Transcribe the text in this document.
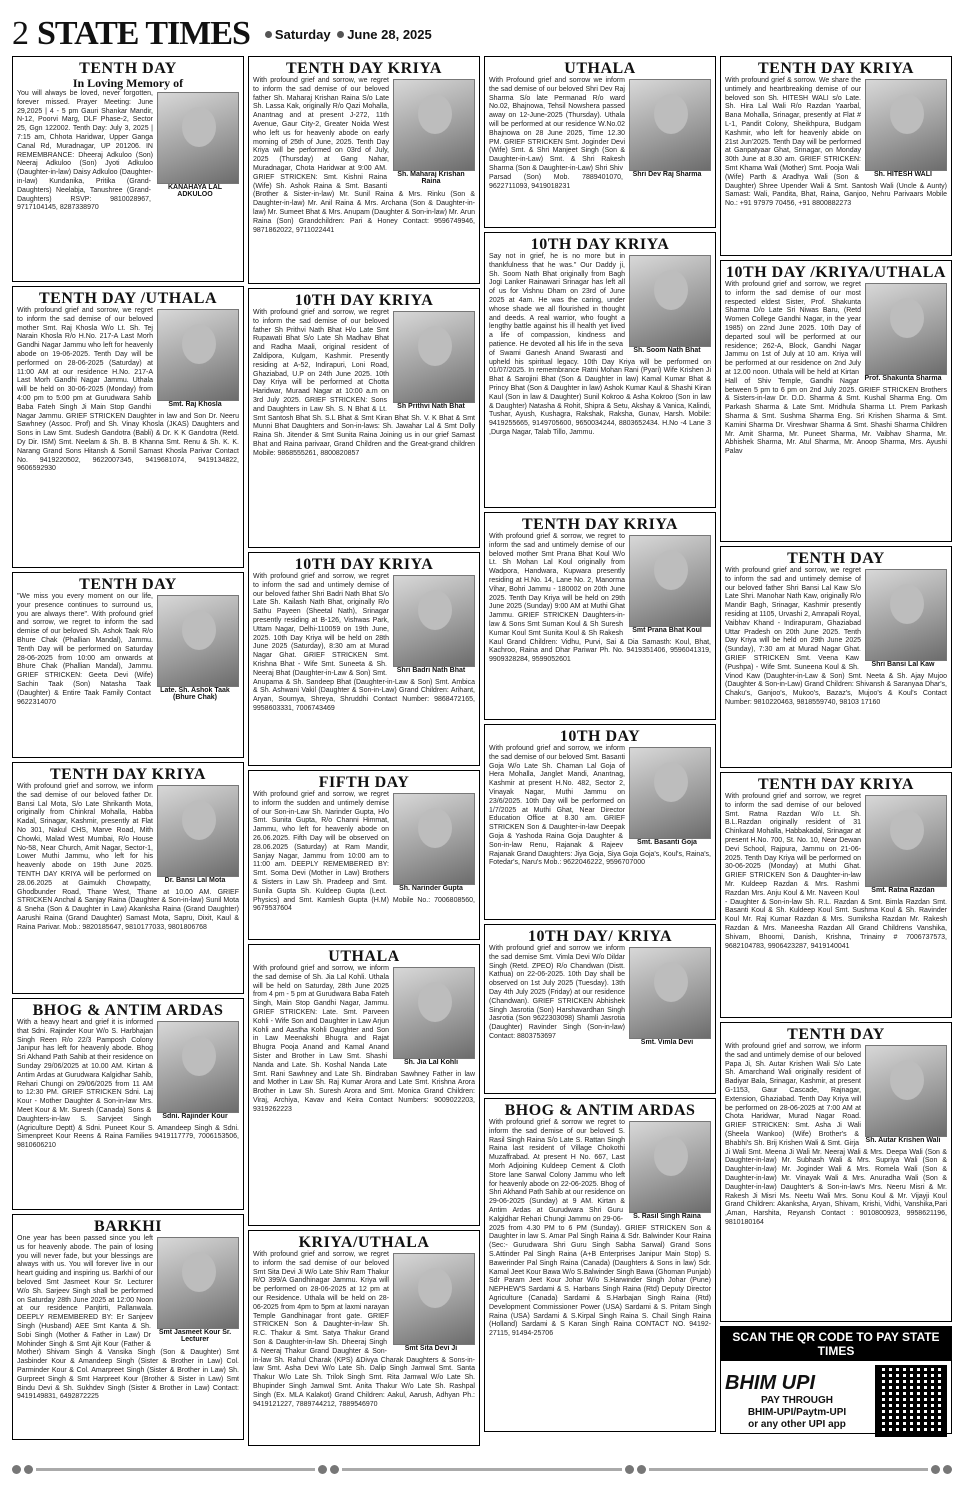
2 STATE TIMES	Saturday June 28, 2025
TENTH DAY
In Loving Memory of
KANAHAYA LAL ADKULOO
You will always be loved, never forgotten, forever missed. Prayer Meeting: June 29,2025 | 4 - 5 pm Gauri Shankar Mandir, N-12, Poorvi Marg, DLF Phase-2, Sector 25, Ggn 122002. Tenth Day: July 3, 2025 | 7:15 am, Chhota Haridwar, Upper Ganga Canal Rd, Muradnagar, UP 201206. IN REMEMBRANCE: Dheeraj Adkuloo (Son) Neeraj Adkuloo (Son) Jyoti Adkuloo (Daughter-in-law) Daisy Adkuloo (Daughter-in-law) Kundanika, Pritika (Grand-Daughters) Neelabja, Tanushree (Grand-Daughters) RSVP: 9810028967, 9717104145, 8287338970
TENTH DAY /UTHALA
Smt. Raj Khosla
With profound grief and sorrow, we regret to inform the sad demise of our beloved mother Smt. Raj Khosla W/o Lt. Sh. Tej Narain Khosla R/o H.No. 217-A Last Morh Gandhi Nagar Jammu who left for heavenly abode on 19-06-2025. Tenth Day will be performed on 28-06-2025 (Saturday) at 11:00 AM at our residence H.No. 217-A Last Morh Gandhi Nagar Jammu. Uthala will be held on 30-06-2025 (Monday) from 4:00 pm to 5:00 pm at Gurudwara Sahib Baba Fateh Singh Ji Main Stop Gandhi Nagar Jammu. GRIEF STRICKEN Daughter in law and Son Dr. Neeru Sawhney (Assoc. Prof) and Sh. Vinay Khosla (JKAS) Daughters and Sons in Law Smt. Sudesh Gandotra (Babli) & Dr. K K Gandotra (Retd. Dy Dir. ISM) Smt. Neelam & Sh. B. B Khanna Smt. Renu & Sh. K. K. Narang Grand Sons Hitansh & Somil Samast Khosla Parivar Contact No. 9419220502, 9622007345, 9419681074, 9419134822, 9606592930
TENTH DAY
Late. Sh. Ashok Taak (Bhure Chak)
"We miss you every moment on our life, your presence continues to surround us, you are always there". With profound grief and sorrow, we regret to inform the sad demise of our beloved Sh. Ashok Taak R/o Bhure Chak (Phallian Mandal), Jammu. Tenth Day will be performed on Saturday 28-06-2025 from 10:00 am onwards at Bhure Chak (Phallian Mandal), Jammu. GRIEF STRICKEN: Geeta Devi (Wife) Sachin Taak (Son) Natasha Taak (Daughter) & Entire Taak Family Contact 9622314070
TENTH DAY KRIYA
Dr. Bansi Lal Mota
With profound grief and sorrow, we inform the sad demise of our beloved father Dr. Bansi Lal Mota, S/o Late Shrikanth Mota, originally from Chinkral Mohalla, Habba Kadal, Srinagar, Kashmir, presently at Flat No 301, Nakul CHS, Marve Road, Mith Chowki, Malad West Mumbai, R/o House No-58, Near Church, Amit Nagar, Sector-1, Lower Muthi Jammu, who left for his heavenly abode on 19th June 2025. TENTH DAY KRIYA will be performed on 28.06.2025 at Gaimukh Chowpatty, Ghodbunder Road, Thane West, Thane at 10.00 AM. GRIEF STRICKEN Anchal & Sanjay Raina (Daughter & Son-in-law) Sunil Mota & Sneha (Son & Daughter in Law) Akanksha Raina (Grand Daughter) Aarushi Raina (Grand Daughter) Samast Mota, Sapru, Dixit, Kaul & Raina Parivar. Mob.: 9820185647, 9810177033, 9801806768
BHOG & ANTIM ARDAS
Sdni. Rajinder Kour
With a heavy heart and grief it is informed that Sdni. Rajinder Kour W/o S. Harbhajan Singh Reen R/o 22/3 Pamposh Colony Janipur has left for heavenly abode. Bhog Sri Akhand Path Sahib at their residence on Sunday 29/06/2025 at 10.00 AM. Kirtan & Antim Ardas at Gurudwara Kalgidhar Sahib, Rehari Chungi on 29/06/2025 from 11 AM to 12:30 PM. GRIEF STRICKEN Sdni. Laj Kour - Mother Daughter & Son-in-law Mrs. Meet Kour & Mr. Suresh (Canada) Sons & Daughters-in-law S. Sarvjeet Singh (Agriculture Deptt) & Sdni. Puneet Kour S. Amandeep Singh & Sdni. Simenpreet Kour Reens & Raina Families 9419117779, 7006153506, 9810606210
BARKHI
Smt Jasmeet Kour Sr. Lecturer
One year has been passed since you left us for heavenly abode. The pain of losing you will never fade, but your blessings are always with us. You will forever live in our heart guiding and inspiring us. Barkhi of our beloved Smt Jasmeet Kour Sr. Lecturer W/o Sh. Sarjeev Singh shall be performed on Saturday 28th June 2025 at 12:00 Noon at our residence Panjtirti, Pallanwala. DEEPLY REMEMBERED BY: Er Sanjeev Singh (Husband) AEE Smt Kanta & Sh. Sobi Singh (Mother & Father in Law) Dr Mohinder Singh & Smt Ajit Kour (Father & Mother) Shivam Singh & Vansika Singh (Son & Daughter) Smt Jasbinder Kour & Amandeep Singh (Sister & Brother in Law) Col. Parminder Kour & Col. Amarpreet Singh (Sister & Brother in Law) Sh. Gurpreet Singh & Smt Harpreet Kour (Brother & Sister in Law) Smt Bindu Devi & Sh. Sukhdev Singh (Sister & Brother in Law) Contact: 9419149831, 6492872225
TENTH DAY KRIYA
Sh. Maharaj Krishan Raina
With profound grief and sorrow, we regret to inform the sad demise of our beloved father Sh. Maharaj Krishan Raina S/o Late Sh. Lassa Kak, originally R/o Qazi Mohalla, Anantnag and at present J-272, 11th Avenue, Gaur City-2, Greater Noida West who left us for heavenly abode on early morning of 25th of June, 2025. Tenth Day Kriya will be performed on 03rd of July, 2025 (Thursday) at Gang Nahar, Muradnagar, Chota Haridwar at 9:00 AM. GRIEF STRICKEN: Smt. Kishni Raina (Wife) Sh. Ashok Raina & Smt. Basanti (Brother & Sister-in-law) Mr. Sunil Raina & Mrs. Rinku (Son & Daughter-in-law) Mr. Anil Raina & Mrs. Archana (Son & Daughter-in-law) Mr. Sumeet Bhat & Mrs. Anupam (Daughter & Son-in-law) Mr. Arun Raina (Son) Grandchildren: Pari & Honey Contact: 9596749946, 9871862022, 9711022441
10TH DAY KRIYA
Sh Prithvi Nath Bhat
With profound grief and sorrow, we regret to inform the sad demise of our beloved father Sh Prithvi Nath Bhat H/o Late Smt Rupawati Bhat S/o Late Sh Madhav Bhat and Radha Maali, original resident of Zaldipora, Kulgam, Kashmir. Presently residing at A-52, Indirapuri, Loni Road, Ghaziabad, U.P on 24th June 2025. 10th Day Kriya will be performed at Chotta Haridwar, Muraad Nagar at 10:00 a.m on 3rd July 2025. GRIEF STRICKEN: Sons and Daughters in Law Sh. S. N Bhat & Lt. Smt Santosh Bhat Sh. S.L Bhat & Smt Kiran Bhat Sh. V. K Bhat & Smt Munni Bhat Daughters and Son-in-laws: Sh. Jawahar Lal & Smt Dolly Raina Sh. Jitender & Smt Sunita Raina Joining us in our grief Samast Bhat and Raina parivaar, Grand Children and the Great-grand children Mobile: 9868555261, 8800820857
10TH DAY KRIYA
Shri Badri Nath Bhat
With profound grief and sorrow, we regret to inform the sad and untimely demise of our beloved father Shri Badri Nath Bhat S/o Late Sh. Kailash Nath Bhat, originally R/o Sathu Payeen (Sheetal Nath), Srinagar presently residing at B-126, Vishwas Park, Uttam Nagar, Delhi-110059 on 19th June, 2025. 10th Day Kriya will be held on 28th June 2025 (Saturday), 8:30 am at Murad Nagar Ghat. GRIEF STRICKEN Smt. Krishna Bhat - Wife Smt. Suneeta & Sh. Neeraj Bhat (Daughter-in-Law & Son) Smt. Anupama & Sh. Sandeep Bhat (Daughter-in-Law & Son) Smt. Ambica & Sh. Ashwani Vakil (Daughter & Son-in-Law) Grand Children: Arihant, Aryan, Soumya, Shreya, Shruddhi Contact Number: 9868472165, 9958603331, 7006743469
FIFTH DAY
Sh. Narinder Gupta
With profound grief and sorrow, we regret to inform the sudden and untimely demise of our Son-in-Law Sh. Narinder Gupta, H/o Smt. Sunita Gupta, R/o Channi Himmat, Jammu, who left for heavenly abode on 26.06.2025. Fifth Day will be observed on 28.06.2025 (Saturday) at Ram Mandir, Sanjay Nagar, Jammu from 10:00 am to 11:00 am. DEEPLY REMEMBERED BY: Smt. Soma Devi (Mother in Law) Brothers & Sisters in Law Sh. Pradeep and Smt. Sunila Gupta Sh. Kuldeep Gupta (Lect. Physics) and Smt. Kamlesh Gupta (H.M) Mobile No.: 7006808560, 9679537604
UTHALA
Sh. Jia Lal Kohli
With profound grief and sorrow, we inform the sad demise of Sh. Jia Lal Kohli. Uthala will be held on Saturday, 28th June 2025 from 4 pm - 5 pm at Gurudwara Baba Fateh Singh, Main Stop Gandhi Nagar, Jammu. GRIEF STRICKEN: Late. Smt. Parveen Kohli - Wife Son and Daughter in Law Arjun Kohli and Aastha Kohli Daughter and Son in Law Meenakshi Bhugra and Rajat Bhugra Pooja Anand and Kamal Anand Sister and Brother in Law Smt. Shashi Nanda and Late. Sh. Koshal Nanda Late Smt. Rani Sawhney and Late Sh. Bindraban Sawhney Father in law and Mother in Law Sh. Raj Kumar Arora and Late Smt. Krishna Arora Brother in Law Sh. Suresh Arora and Smt. Monica Grand Children: Viraj, Archiya, Kavav and Keira Contact Numbers: 9009022203, 9319262223
KRIYA/UTHALA
Smt Sita Devi Ji
With profound grief and sorrow, we regret to inform the sad demise of our beloved Smt Sita Devi Ji W/o Late Shiv Ram Thakur R/O 399/A Gandhinagar Jammu. Kriya will be performed on 28-06-2025 at 12 pm at our Residence. Uthala will be held on 28-06-2025 from 4pm to 5pm at laxmi narayan Temple Gandhinagar front gate. GRIEF STRICKEN Son & Daughter-in-law Sh. R.C. Thakur & Smt. Satya Thakur Grand Son & Daughter-in-law Sh. Dheeraj Singh & Neeraj Thakur Grand Daughter & Son-in-law Sh. Rahul Charak (KPS) &Divya Charak Daughters & Sons-in-law Smt. Asha Devi W/o Late Sh. Dalip Singh Jamwal Smt. Santa Thakur W/o Late Sh. Trilok Singh Smt. Rita Jamwal W/o Late Sh. Bhupinder Singh Jamwal Smt. Anita Thakur W/o Late Sh. Rashpal Singh (Ex. MLA Kalakot) Grand Children: Aakul, Aarush, Adhyan Ph.: 9419121227, 7889744212, 7889546970
UTHALA
Shri Dev Raj Sharma
With Profound grief and sorrow we inform the sad demise of our beloved Shri Dev Raj Sharma S/o late Permanad R/o ward No.02, Bhajnowa, Tehsil Nowshera passed away on 12-June-2025 (Thursday). Uthala will be performed at our residence W.No.02 Bhajnowa on 28 June 2025, Time 12.30 PM. GRIEF STRICKEN Smt. Joginder Devi (Wife) Smt. & Shri Manjeet Singh (Son & Daughter-in-Law) Smt. & Shri Rakesh Sharma (Son & Daughter-in-Law) Shri Shiv Parsad (Son) Mob. 7889401070, 9622711093, 9419018231
10TH DAY KRIYA
Sh. Soom Nath Bhat
Say not in grief, he is no more but in thankfulness that he was." Our Daddy ji, Sh. Soom Nath Bhat originally from Bagh Jogi Lanker Rainawari Srinagar has left all of us for Vishnu Dham on 23rd of June 2025 at 4am. He was the caring, under whose shade we all flourished in thought and deeds. A real warrior, who fought a lengthy battle against his ill health yet lived a life of compassion, kindness and patience. He devoted all his life in the seva of Swami Ganesh Anand Swarasti and upheld his spiritual legacy. 10th Day Kriya will be performed on 01/07/2025. In remembrance Ratni Mohan Rani (Pyari) Wife Krishen Ji Bhat & Sarojini Bhat (Son & Daughter in law) Kamal Kumar Bhat & Princy Bhat (Son & Daughter in law) Ashok Kumar Kaul & Shashi Kiran Kaul (Son in law & Daughter) Sunil Kokroo & Asha Kokroo (Son in law & Daughter) Natasha & Rohit, Shipra & Setu, Akshay & Vanica, Kalindi, Tushar, Ayush, Kushagra, Rakshak, Raksha, Gunav, Harsh. Mobile: 9419255665, 9149705600, 9650034244, 8803652434. H.No -4 Lane 3 ,Durga Nagar, Talab Tillo, Jammu.
TENTH DAY KRIYA
Smt Prana Bhat Koul
With profound grief & sorrow, we regret to inform the sad and untimely demise of our beloved mother Smt Prana Bhat Koul W/o Lt. Sh Mohan Lal Koul originally from Wadpora, Handwara, Kupwara presently residing at H.No. 14, Lane No. 2, Manorma Vihar, Bohri Jammu - 180002 on 20th June 2025. Tenth Day Kriya will be held on 29th June 2025 (Sunday) 9:00 AM at Muthi Ghat Jammu. GRIEF STRICKEN Daughters-in-law & Sons Smt Suman Koul & Sh Suresh Kumar Koul Smt Sunita Koul & Sh Rakesh Kaul Grand Children: Vidhu, Purvi, Sai & Dia Samasth: Koul, Bhat, Kachroo, Raina and Dhar Pariwar Ph. No. 9419351406, 9596041319, 9909328284, 9599052601
10TH DAY
Smt. Basanti Goja
With profound grief and sorrow, we inform the sad demise of our beloved Smt. Basanti Goja W/o Late Sh. Chaman Lal Goja of Hera Mohalla, Janglet Mandi, Anantnag, Kashmir at present H.No. 482, Sector 2, Vinayak Nagar, Muthi Jammu on 23/6/2025. 10th Day will be performed on 1/7/2025 at Muthi Ghat, Near Director Education Office at 8.30 am. GRIEF STRICKEN Son & Daughter-in-law Deepak Goja & Yashoda Raina Goja Daughter & Son-in-law Renu, Rajanak & Rajeev Rajanak Grand Daughters: Jiya Goja, Siya Goja Goja's, Koul's, Raina's, Fotedar's, Naru's Mob.: 9622046222, 9596707000
10TH DAY/ KRIYA
Smt. Vimla Devi
With profound grief and sorrow we inform the sad demise Smt. Vimla Devi W/o Dildar Singh (Retd. ZPEO) R/o Chandwan (Distt. Kathua) on 22-06-2025. 10th Day shall be observed on 1st July 2025 (Tuesday). 13th Day 4th July 2025 (Friday) at our residence (Chandwan). GRIEF STRICKEN Abhishek Singh Jasrotia (Son) Harshavardhan Singh Jasrotia (Son 9622303098) Shamli Jasrotia (Daughter) Ravinder Singh (Son-in-law) Contact: 8803753697
BHOG & ANTIM ARDAS
S. Rasil Singh Raina
With profound grief & sorrow we regret to inform the sad demise of our beloved S. Rasil Singh Raina S/o Late S. Rattan Singh Raina last resident of Village Chokothi Muzaffrabad. At present H No. 667, Last Morh Adjoining Kuldeep Cement & Cloth Store lane Sarwal Colony Jammu who left for heavenly abode on 22-06-2025. Bhog of Shri Akhand Path Sahib at our residence on 29-06-2025 (Sunday) at 9 AM. Kirtan & Antim Ardas at Gurudwara Shri Guru Kalgidhar Rehari Chungi Jammu on 29-06-2025 from 4.30 PM to 6 PM (Sunday). GRIEF STRICKEN Son & Daughter in law S. Amar Pal Singh Raina & Sdr. Balwinder Kour Raina (Sec:- Gurudwara Shri Guru Singh Sabha Sarwal) Grand Sons S.Attinder Pal Singh Raina (A+B Enterprises Janipur Main Stop) S. Bawerinder Pal Singh Raina (Canada) (Daughters & Sons in law) Sdr. Kamal Jeet Kour Bawa W/o S.Balwinder Singh Bawa (Ghoman Punjab) Sdr Param Jeet Kour Johar W/o S.Harwinder Singh Johar (Pune) NEPHEW'S Sardami & S. Harbans Singh Raina (Rtd) Deputy Director Agriculture (Canada) Sardami & S.Harbajan Singh Raina (Rtd) Development Commissioner Power (USA) Sardami & S. Pritam Singh Raina (USA) Sardami & S.Kirpal Singh Raina S. Chail Singh Raina (Holland) Sardami & S Karan Singh Raina CONTACT NO. 94192-27115, 91494-25706
TENTH DAY KRIYA
Sh. HITESH WALI
With profound grief & sorrow. We share the untimely and heartbreaking demise of our beloved son Sh. HITESH WALI s/o Late. Sh. Hira Lal Wali R/o Razdan Yaarbal, Bana Mohalla, Srinagar, presently at Flat # L-1, Pandit Colony, Sheikhpura, Budgam Kashmir, who left for heavenly abide on 21st Jun'2025. Tenth Day will be performed at Ganpatyaar Ghat, Srinagar, on Monday 30th June at 8.30 am. GRIEF STRICKEN: Smt Khama Wali (Mother) Smt. Pooja Wali (Wife) Parth & Aradhya Wali (Son & Daughter) Shree Upender Wali & Smt. Santosh Wali (Uncle & Aunty) Samast: Wali, Pandita, Bhat, Raina, Ganjoo, Nehru Parivaars Mobile No.: +91 97979 70456, +91 8800882273
10TH DAY /KRIYA/UTHALA
Prof. Shakunta Sharma
With profound grief and sorrow, we regret to inform the sad demise of our most respected eldest Sister, Prof. Shakunta Sharma D/o Late Sri Niwas Baru, (Retd Women College Gandhi Nagar, in the year 1985) on 22nd June 2025. 10th Day of departed soul will be performed at our residence; 262-A, Block, Gandhi Nagar Jammu on 1st of July at 10 am. Kriya will be performed at our residence on 2nd July at 12.00 noon. Uthala will be held at Kirtan Hall of Shiv Temple, Gandhi Nagar between 5 pm to 6 pm on 2nd July 2025. GRIEF STRICKEN Brothers & Sisters-in-law Dr. D.D. Sharma & Smt. Kushal Sharma Eng. Om Parkash Sharma & Late Smt. Mridhula Sharma Lt. Prem Parkash Sharma & Smt. Sushma Sharma Eng. Sri Krishen Sharma & Smt. Kamini Sharma Dr. Vireshwar Sharma & Smt. Shashi Sharma Children Mr. Amit Sharma, Mr. Puneet Sharma, Mr. Vaibhav Sharma, Mr. Abhishek Sharma, Mr. Atul Sharma, Mr. Anoop Sharma, Mrs. Ayushi Palav
TENTH DAY
Shri Bansi Lal Kaw
With profound grief and sorrow, we regret to inform the sad and untimely demise of our beloved father Shri Bansi Lal Kaw S/o Late Shri. Manohar Nath Kaw, originally R/o Mandir Bagh, Srinagar, Kashmir presently residing at 1105, Urvashi 2, Amrapali Royal, Vaibhav Khand - Indirapuram, Ghaziabad Uttar Pradesh on 20th June 2025. Tenth Day Kriya will be held on 29th June 2025 (Sunday), 7:30 am at Murad Nagar Ghat. GRIEF STRICKEN Smt. Veena Kaw (Pushpa) - Wife Smt. Suneena Koul & Sh. Vinod Kaw (Daughter-in-Law & Son) Smt. Neeta & Sh. Ajay Mujoo (Daughter & Son-in-Law) Grand Children: Shivansh & Saranyaa Dhar's, Chaku's, Ganjoo's, Mukoo's, Bazaz's, Mujoo's & Koul's Contact Number: 9810220463, 9818559740, 98103 17160
TENTH DAY KRIYA
Smt. Ratna Razdan
With profound grief and sorrow, we regret to inform the sad demise of our beloved Smt. Ratna Razdan W/o Lt. Sh. B.L.Razdan originally resident of 31 Chinkaral Mohalla, Habbakadal, Srinagar at present H.No. 700, St. No. 10, Near Dewan Devi School, Rajpura, Jammu on 21-06-2025. Tenth Day Kriya will be performed on 30-06-2025 (Monday) at Muthi Ghat. GRIEF STRICKEN Son & Daughter-in-law Mr. Kuldeep Razdan & Mrs. Rashmi Razdan Mrs. Anju Koul & Mr. Naveen Koul - Daughter & Son-in-law Sh. R.L. Razdan & Smt. Bimla Razdan Smt. Basanti Koul & Sh. Kuldeep Koul Smt. Sushma Koul & Sh. Ravinder Koul Mr. Raj Kumar Razdan & Mrs. Sumiksha Razdan Mr. Rakesh Razdan & Mrs. Maneesha Razdan All Grand Childrens Vanshika, Shivam, Bhoomi, Danish, Krishna, Trinainy # 7006737573, 9682104783, 9906423287, 9419140041
TENTH DAY
Sh. Autar Krishen Wali
With profound grief and sorrow, we inform the sad and untimely demise of our beloved Papa Ji, Sh. Autar Krishen Wali S/o Late Sh. Amarchand Wali originally resident of Badiyar Bala, Srinagar, Kashmir, at present G-1153, Gaur Cascade, Rajnagar, Extension, Ghaziabad. Tenth Day Kriya will be performed on 28-06-2025 at 7:00 AM at Chota Haridwar, Murad Nagar Road. GRIEF STRICKEN: Smt. Asha Ji Wali (Sheela Wankoo) (Wife) Brother's & Bhabhi's Sh. Brij Krishen Wali & Smt. Girja Ji Wali Smt. Meena Ji Wali Mr. Neeraj Wali & Mrs. Deepa Wali (Son & Daughter-in-law) Mr. Subhash Wali & Mrs. Supriya Wali (Son & Daughter-in-law) Mr. Joginder Wali & Mrs. Romela Wali (Son & Daughter-in-law) Mr. Vinayak Wali & Mrs. Anuradha Wali (Son & Daughter-in-law) Daughter's & Son-in-law's Mrs. Neeru Misri & Mr. Rakesh Ji Misri Ms. Neetu Wali Mrs. Sonu Koul & Mr. Vijayji Koul Grand Children: Akanksha, Aryan, Shivam, Krishi, Vidhi, Vanshika,Pari ,Aman, Harshita, Reyansh Contact : 9010800923, 9958621196, 9810180164
SCAN THE QR CODE TO PAY STATE TIMES
BHIM UPI
PAY THROUGH
BHIM-UPI/Paytm-UPI
or any other UPI app
